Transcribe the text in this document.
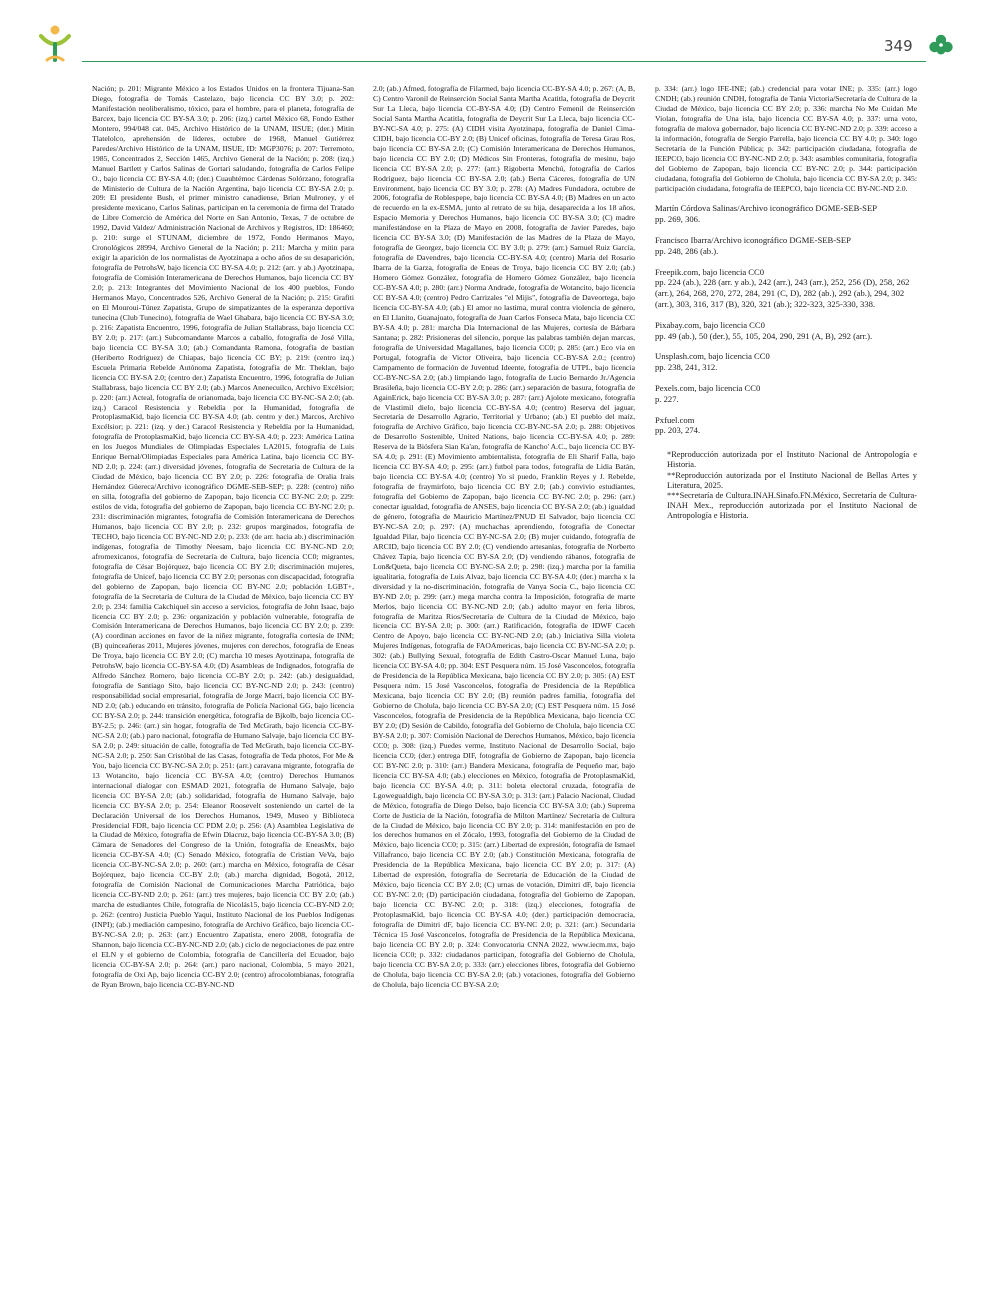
349
Nación; p. 201: Migrante México a los Estados Unidos en la frontera Tijuana-San Diego, fotografía de Tomás Castelazo, bajo licencia CC BY 3.0; p. 202: Manifestación neoliberalismo, tóxico, para el hombre, para el planeta, fotografía de Barcex, bajo licencia CC BY-SA 3.0; p. 206: (izq.) cartel México 68, Fondo Esther Montero, 994/048 cat. 045, Archivo Histórico de la UNAM, IISUE; (der.) Mitin Tlatelolco, aprehensión de líderes, octubre de 1968, Manuel Gutiérrez Paredes/Archivo Histórico de la UNAM, IISUE, ID: MGP3076; p. 207: Terremoto, 1985, Concentrados 2, Sección 1465, Archivo General de la Nación; p. 208: (izq.) Manuel Bartlett y Carlos Salinas de Gortari saludando, fotografía de Carlos Felipe O., bajo licencia CC BY-SA 4.0; (der.) Cuauhtémoc Cárdenas Solórzano, fotografía de Ministerio de Cultura de la Nación Argentina, bajo licencia CC BY-SA 2.0; p. 209: El presidente Bush, el primer ministro canadiense, Brian Mulroney, y el presidente mexicano, Carlos Salinas, participan en la ceremonia de firma del Tratado de Libre Comercio de América del Norte en San Antonio, Texas, 7 de octubre de 1992, David Valdez/ Administración Nacional de Archivos y Registros, ID: 186460; p. 210: surge el STUNAM, diciembre de 1972, Fondo Hermanos Mayo, Cronológicos 28994, Archivo General de la Nación; p. 211: Marcha y mitin para exigir la aparición de los normalistas de Ayotzinapa a ocho años de su desaparición, fotografía de PetrohsW, bajo licencia CC BY-SA 4.0; p. 212: (arr. y ab.) Ayotzinapa, fotografía de Comisión Interamericana de Derechos Humanos, bajo licencia CC BY 2.0; p. 213: Integrantes del Movimiento Nacional de los 400 pueblos, Fondo Hermanos Mayo, Concentrados 526, Archivo General de la Nación; p. 215: Grafiti en El Mouroui-Túnez Zapatista, Grupo de simpatizantes de la esperanza deportiva tunecina (Club Tunecino), fotografía de Wael Ghabara, bajo licencia CC BY-SA 3.0; p. 216: Zapatista Encuentro, 1996, fotografía de Julian Stallabrass, bajo licencia CC BY 2.0; p. 217: (arr.) Subcomandante Marcos a caballo, fotografía de José Villa, bajo licencia CC BY-SA 3.0; (ab.) Comandanta Ramona, fotografía de bastian (Heriberto Rodríguez) de Chiapas, bajo licencia CC BY; p. 219: (centro izq.) Escuela Primaria Rebelde Autónoma Zapatista, fotografía de Mr. Theklan, bajo licencia CC BY-SA 2.0; (centro der.) Zapatista Encuentro, 1996, fotografía de Julian Stallabrass, bajo licencia CC BY 2.0; (ab.) Marcos Anenecuilco, Archivo Excélsior; p. 220: (arr.) Acteal, fotografía de orianomada, bajo licencia CC BY-NC-SA 2.0; (ab. izq.) Caracol Resistencia y Rebeldía por la Humanidad, fotografía de ProtoplasmaKid, bajo licencia CC BY-SA 4.0; (ab. centro y der.) Marcos, Archivo Excélsior; p. 221: (izq. y der.) Caracol Resistencia y Rebeldía por la Humanidad, fotografía de ProtoplasmaKid, bajo licencia CC BY-SA 4.0; p. 223: América Latina en los Juegos Mundiales de Olimpiadas Especiales LA2015, fotografía de Luis Enrique Bernal/Olimpiadas Especiales para América Latina, bajo licencia CC BY-ND 2.0; p. 224: (arr.) diversidad jóvenes, fotografía de Secretaría de Cultura de la Ciudad de México, bajo licencia CC BY 2.0; p. 226: fotografía de Oralia Irais Hernández Güereca/Archivo iconográfico DGME-SEB-SEP; p. 228: (centro) niño en silla, fotografía del gobierno de Zapopan, bajo licencia CC BY-NC 2.0; p. 229: estilos de vida, fotografía del gobierno de Zapopan, bajo licencia CC BY-NC 2.0; p. 231: discriminación migrantes, fotografía de Comisión Interamericana de Derechos Humanos, bajo licencia CC BY 2.0; p. 232: grupos marginados, fotografía de TECHO, bajo licencia CC BY-NC-ND 2.0; p. 233: (de arr. hacia ab.) discriminación indígenas, fotografía de Timothy Neesam, bajo licencia CC BY-NC-ND 2.0; afromexicanos, fotografía de Secretaría de Cultura, bajo licencia CC0; migrantes, fotografía de César Bojórquez, bajo licencia CC BY 2.0; discriminación mujeres, fotografía de Unicef, bajo licencia CC BY 2.0; personas con discapacidad, fotografía del gobierno de Zapopan, bajo licencia CC BY-NC 2.0; población LGBT+, fotografía de la Secretaría de Cultura de la Ciudad de México, bajo licencia CC BY 2.0; p. 234: familia Cakchiquel sin acceso a servicios, fotografía de John Isaac, bajo licencia CC BY 2.0; p. 236: organización y población vulnerable, fotografía de Comisión Interamericana de Derechos Humanos, bajo licencia CC BY 2.0; p. 239: (A) coordinan acciones en favor de la niñez migrante, fotografía cortesía de INM; (B) quinceañeras 2011, Mujeres jóvenes, mujeres con derechos, fotografía de Eneas De Troya, bajo licencia CC BY 2.0; (C) marcha 10 meses Ayotzinapa, fotografía de PetrohsW, bajo licencia CC-BY-SA 4.0; (D) Asambleas de Indignados, fotografía de Alfredo Sánchez Romero, bajo licencia CC-BY 2.0; p. 242: (ab.) desigualdad, fotografía de Santiago Sito, bajo licencia CC BY-NC-ND 2.0; p. 243: (centro) responsabilidad social empresarial, fotografía de Jorge Macri, bajo licencia CC BY-ND 2.0; (ab.) educando en tránsito, fotografía de Policía Nacional GG, bajo licencia CC BY-SA 2.0; p. 244: transición energética, fotografía de Bjkolb, bajo licencia CC-BY-2.5; p. 246: (arr.) sin hogar, fotografía de Ted McGrath, bajo licencia CC-BY-NC-SA 2.0; (ab.) paro nacional, fotografía de Humano Salvaje, bajo licencia CC BY-SA 2.0; p. 249: situación de calle, fotografía de Ted McGrath, bajo licencia CC-BY-NC-SA 2.0; p. 250: San Cristóbal de las Casas, fotografía de Teda photos, For Me & You, bajo licencia CC BY-NC-SA 2.0; p. 251: (arr.) caravana migrante, fotografía de 13 Wotancito, bajo licencia CC BY-SA 4.0; (centro) Derechos Humanos internacional dialogar con ESMAD 2021, fotografía de Humano Salvaje, bajo licencia CC BY-SA 2.0; (ab.) solidaridad, fotografía de Humano Salvaje, bajo licencia CC BY-SA 2.0; p. 254: Eleanor Roosevelt sosteniendo un cartel de la Declaración Universal de los Derechos Humanos, 1949, Museo y Biblioteca Presidencial FDR, bajo licencia CC PDM 2.0; p. 256: (A) Asamblea Legislativa de la Ciudad de México, fotografía de Efwin Dlacruz, bajo licencia CC-BY-SA 3.0; (B) Cámara de Senadores del Congreso de la Unión, fotografía de EneasMx, bajo licencia CC-BY-SA 4.0; (C) Senado México, fotografía de Cristian VeVa, bajo licencia CC-BY-NC-SA 2.0; p. 260: (arr.) marcha en México, fotografía de César Bojórquez, bajo licencia CC-BY 2.0; (ab.) marcha dignidad, Bogotá, 2012, fotografía de Comisión Nacional de Comunicaciones Marcha Patriótica, bajo licencia CC-BY-ND 2.0; p. 261: (arr.) tres mujeres, bajo licencia CC BY 2.0; (ab.) marcha de estudiantes Chile, fotografía de Nicolás15, bajo licencia CC-BY-ND 2.0; p. 262: (centro) Justicia Pueblo Yaqui, Instituto Nacional de los Pueblos Indígenas (INPI); (ab.) mediación campesino, fotografía de Archivo Gráfico, bajo licencia CC-BY-NC-SA 2.0; p. 263: (arr.) Encuentro Zapatista, enero 2008, fotografía de Shannon, bajo licencia CC-BY-NC-ND 2.0; (ab.) ciclo de negociaciones de paz entre el ELN y el gobierno de Colombia, fotografía de Cancillería del Ecuador, bajo licencia CC-BY-SA 2.0; p. 264: (arr.) paro nacional, Colombia, 5 mayo 2021, fotografía de Oxi Ap, bajo licencia CC-BY 2.0; (centro) afrocolombianas, fotografía de Ryan Brown, bajo licencia CC-BY-NC-ND
2.0; (ab.) Afmed, fotografía de Filarmed, bajo licencia CC-BY-SA 4.0; p. 267: (A, B, C) Centro Varonil de Reinserción Social Santa Martha Acatitla, fotografía de Deycrit Sur La Lleca, bajo licencia CC-BY-SA 4.0; (D) Centro Femenil de Reinserción Social Santa Martha Acatitla, fotografía de Deycrit Sur La Lleca, bajo licencia CC-BY-NC-SA 4.0; p. 275: (A) CIDH visita Ayotzinapa, fotografía de Daniel Cima-CIDH, bajo licencia CC-BY 2.0; (B) Unicef oficinas, fotografía de Teresa Grau Ros, bajo licencia CC BY-SA 2.0; (C) Comisión Interamericana de Derechos Humanos, bajo licencia CC BY 2.0; (D) Médicos Sin Fronteras, fotografía de mesinu, bajo licencia CC BY-SA 2.0; p. 277: (arr.) Rigoberta Menchú, fotografía de Carlos Rodríguez, bajo licencia CC BY-SA 2.0; (ab.) Berta Cáceres, fotografía de UN Environment, bajo licencia CC BY 3.0; p. 278: (A) Madres Fundadora, octubre de 2006, fotografía de Roblespepe, bajo licencia CC BY-SA 4.0; (B) Madres en un acto de recuerdo en la ex-ESMA, junto al retrato de su hija, desaparecida a los 18 años, Espacio Memoria y Derechos Humanos, bajo licencia CC BY-SA 3.0; (C) madre manifestándose en la Plaza de Mayo en 2008, fotografía de Javier Paredes, bajo licencia CC BY-SA 3.0; (D) Manifestación de las Madres de la Plaza de Mayo, fotografía de Georgez, bajo licencia CC BY 3.0; p. 279: (arr.) Samuel Ruiz García, fotografía de Davendres, bajo licencia CC-BY-SA 4.0; (centro) María del Rosario Ibarra de la Garza, fotografía de Eneas de Troya, bajo licencia CC BY 2.0; (ab.) Homero Gómez González, fotografía de Homero Gómez González, bajo licencia CC-BY-SA 4.0; p. 280: (arr.) Norma Andrade, fotografía de Wotancito, bajo licencia CC BY-SA 4.0; (centro) Pedro Carrizales "el Mijis", fotografía de Daveortega, bajo licencia CC-BY-SA 4.0; (ab.) El amor no lastima, mural contra violencia de género, en El Llanito, Guanajuato, fotografía de Juan Carlos Fonseca Mata, bajo licencia CC BY-SA 4.0; p. 281: marcha Día Internacional de las Mujeres, cortesía de Bárbara Santana; p. 282: Prisioneras del silencio, porque las palabras también dejan marcas, fotografía de Universidad Magallanes, bajo licencia CC0; p. 285: (arr.) Eco via en Portugal, fotografía de Victor Oliveira, bajo licencia CC-BY-SA 2.0.; (centro) Campamento de formación de Juventud Ideente, fotografía de UTPL, bajo licencia CC-BY-NC-SA 2.0; (ab.) limpiando lago, fotografía de Lucio Bernardo Jr./Agencia Brasileña, bajo licencia CC-BY 2.0; p. 286: (arr.) separación de basura, fotografía de AgainErick, bajo licencia CC BY-SA 3.0; p. 287: (arr.) Ajolote mexicano, fotografía de Vlastimil dielo, bajo licencia CC-BY-SA 4.0; (centro) Reserva del jaguar, Secretaría de Desarrollo Agrario, Territorial y Urbano; (ab.) El pueblo del maíz, fotografía de Archivo Gráfico, bajo licencia CC-BY-NC-SA 2.0; p. 288: Objetivos de Desarrollo Sostenible, United Nations, bajo licencia CC-BY-SA 4.0; p. 289: Reserva de la Biósfera Sian Ka'an, fotografía de Kancho' A.C., bajo licencia CC BY-SA 4.0; p. 291: (E) Movimiento ambientalista, fotografía de Eli Sharif Falla, bajo licencia CC BY-SA 4.0; p. 295: (arr.) futbol para todos, fotografía de Lidia Batán, bajo licencia CC BY-SA 4.0; (centro) Yo sí puedo, Franklin Reyes y J. Rebelde, fotografía de fraymirfoto, bajo licencia CC BY 2.0; (ab.) convivio estudiantes, fotografía del Gobierno de Zapopan, bajo licencia CC BY-NC 2.0; p. 296: (arr.) conectar igualdad, fotografía de ANSES, bajo licencia CC BY-SA 2.0; (ab.) igualdad de género, fotografía de Mauricio Martínez/PNUD El Salvador, bajo licencia CC BY-NC-SA 2.0; p. 297: (A) muchachas aprendiendo, fotografía de Conectar Igualdad Pilar, bajo licencia CC BY-NC-SA 2.0; (B) mujer cuidando, fotografía de ARCID, bajo licencia CC BY 2.0; (C) vendiendo artesanías, fotografía de Norberto Chávez Tapia, bajo licencia CC BY-SA 2.0; (D) vendiendo rábanos, fotografía de Lon&Queta, bajo licencia CC BY-NC-SA 2.0; p. 298: (izq.) marcha por la familia igualitaria, fotografía de Luis Alvaz, bajo licencia CC BY-SA 4.0; (der.) marcha x la diversidad y la no-discriminación, fotografía de Vanya Socia C., bajo licencia CC BY-ND 2.0; p. 299: (arr.) mega marcha contra la Imposición, fotografía de marte Merlos, bajo licencia CC BY-NC-ND 2.0; (ab.) adulto mayor en feria libros, fotografía de Maritza Rios/Secretaría de Cultura de la Ciudad de México, bajo licencia CC BY-SA 2.0; p. 300: (arr.) Ratificación, fotografía de IDWF Caceh Centro de Apoyo, bajo licencia CC BY-NC-ND 2.0; (ab.) Iniciativa Silla violeta Mujeres Indígenas, fotografía de FAOAmericas, bajo licencia CC BY-NC-SA 2.0; p. 302: (ab.) Bullying Sexual, fotografía de Edith Castro-Oscar Manuel Luna, bajo licencia CC BY-SA 4.0; pp. 304: EST Pesquera núm. 15 José Vasconcelos, fotografía de Presidencia de la República Mexicana, bajo licencia CC BY 2.0; p. 305: (A) EST Pesquera núm. 15 José Vasconcelos, fotografía de Presidencia de la República Mexicana, bajo licencia CC BY 2.0; (B) reunión padres familia, fotografía del Gobierno de Cholula, bajo licencia CC BY-SA 2.0; (C) EST Pesquera núm. 15 José Vasconcelos, fotografía de Presidencia de la República Mexicana, bajo licencia CC BY 2.0; (D) Sesión de Cabildo, fotografía del Gobierno de Cholula, bajo licencia CC BY-SA 2.0; p. 307: Comisión Nacional de Derechos Humanos, México, bajo licencia CC0; p. 308: (izq.) Puedes verme, Instituto Nacional de Desarrollo Social, bajo licencia CC0; (der.) entrega DIF, fotografía de Gobierno de Zapopan, bajo licencia CC BY-NC 2.0; p. 310: (arr.) Bandera Mexicana, fotografía de Pequeño mar, bajo licencia CC BY-SA 4.0; (ab.) elecciones en México, fotografía de ProtoplasmaKid, bajo licencia CC BY-SA 4.0; p. 311: boleta electoral cruzada, fotografía de Lgowegualdigh, bajo licencia CC BY-SA 3.0; p. 313: (arr.) Palacio Nacional, Ciudad de México, fotografía de Diego Delso, bajo licencia CC BY-SA 3.0; (ab.) Suprema Corte de Justicia de la Nación, fotografía de Milton Martínez/ Secretaría de Cultura de la Ciudad de México, bajo licencia CC BY 2.0; p. 314: manifestación en pro de los derechos humanos en el Zócalo, 1993, fotografía del Gobierno de la Ciudad de México, bajo licencia CC0; p. 315: (arr.) Libertad de expresión, fotografía de Ismael Villafranco, bajo licencia CC BY 2.0; (ab.) Constitución Mexicana, fotografía de Presidencia de la República Mexicana, bajo licencia CC BY 2.0; p. 317: (A) Libertad de expresión, fotografía de Secretaría de Educación de la Ciudad de México, bajo licencia CC BY 2.0; (C) urnas de votación, Dimitri dF, bajo licencia CC BY-NC 2.0; (D) participación ciudadana, fotografía del Gobierno de Zapopan, bajo licencia CC BY-NC 2.0; p. 318: (izq.) elecciones, fotografía de ProtoplasmaKid, bajo licencia CC BY-SA 4.0; (der.) participación democracia, fotografía de Dimitri dF, bajo licencia CC BY-NC 2.0; p. 321: (arr.) Secundaria Técnica 15 José Vasconcelos, fotografía de Presidencia de la República Mexicana, bajo licencia CC BY 2.0; p. 324: Convocatoria CNNA 2022, www.iecm.mx, bajo licencia CC0; p. 332: ciudadanos participan, fotografía del Gobierno de Cholula, bajo licencia CC BY-SA 2.0; p. 333: (arr.) elecciones libres, fotografía del Gobierno de Cholula, bajo licencia CC BY-SA 2.0; (ab.) votaciones, fotografía del Gobierno de Cholula, bajo licencia CC BY-SA 2.0;
p. 334: (arr.) logo IFE-INE; (ab.) credencial para votar INE; p. 335: (arr.) logo CNDH; (ab.) reunión CNDH, fotografía de Tania Victoria/Secretaría de Cultura de la Ciudad de México, bajo licencia CC BY 2.0; p. 336: marcha No Me Cuidan Me Violan, fotografía de Una isla, bajo licencia CC BY-SA 4.0; p. 337: urna voto, fotografía de malova gobernador, bajo licencia CC BY-NC-ND 2.0; p. 339: acceso a la información, fotografía de Sergio Parrella, bajo licencia CC BY 4.0; p. 340: logo Secretaría de la Función Pública; p. 342: participación ciudadana, fotografía de IEEPCO, bajo licencia CC BY-NC-ND 2.0; p. 343: asambles comunitaria, fotografía del Gobierno de Zapopan, bajo licencia CC BY-NC 2.0; p. 344: participación ciudadana, fotografía del Gobierno de Cholula, bajo licencia CC BY-SA 2.0; p. 345: participación ciudadana, fotografía de IEEPCO, bajo licencia CC BY-NC-ND 2.0.
Martín Córdova Salinas/Archivo iconográfico DGME-SEB-SEP
pp. 269, 306.
Francisco Ibarra/Archivo iconográfico DGME-SEB-SEP
pp. 248, 286 (ab.).
Freepik.com, bajo licencia CC0
pp. 224 (ab.), 228 (arr. y ab.), 242 (arr.), 243 (arr.), 252, 256 (D), 258, 262 (arr.), 264, 268, 270, 272, 284, 291 (C, D), 282 (ab.), 292 (ab.), 294, 302 (arr.), 303, 316, 317 (B), 320, 321 (ab.); 322-323, 325-330, 338.
Pixabay.com, bajo licencia CC0
pp. 49 (ab.), 50 (der.), 55, 105, 204, 290, 291 (A, B), 292 (arr.).
Unsplash.com, bajo licencia CC0
pp. 238, 241, 312.
Pexels.com, bajo licencia CC0
p. 227.
Pxfuel.com
pp. 203, 274.

*Reproducción autorizada por el Instituto Nacional de Antropología e Historia.

**Reproducción autorizada por el Instituto Nacional de Bellas Artes y Literatura, 2025.

***Secretaría de Cultura.INAH.Sinafo.FN.México, Secretaría de Cultura-INAH Mex., reproducción autorizada por el Instituto Nacional de Antropología e Historia.
